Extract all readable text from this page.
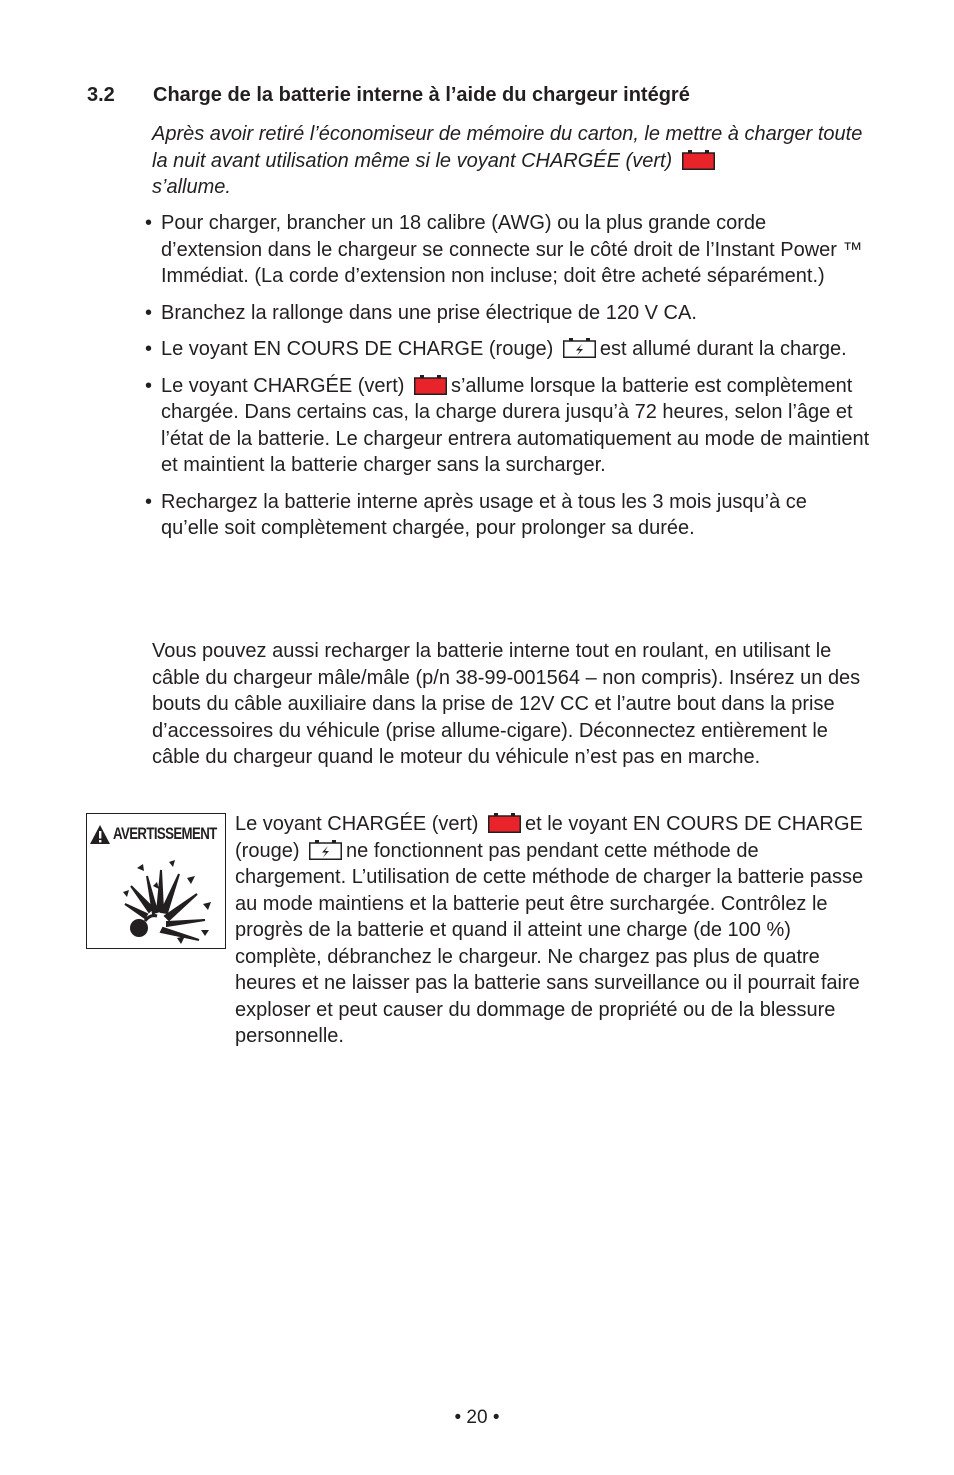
3.2 Charge de la batterie interne à l’aide du chargeur intégré
Après avoir retiré l’économiseur de mémoire du carton, le mettre à charger toute la nuit avant utilisation même si le voyant CHARGÉE (vert)
s’allume.
• Pour charger, brancher un 18 calibre (AWG) ou la plus grande corde d’extension dans le chargeur se connecte sur le côté droit de l’Instant Power ™ Immédiat. (La corde d’extension non incluse; doit être acheté séparément.)
• Branchez la rallonge dans une prise électrique de 120 V CA.
• Le voyant EN COURS DE CHARGE (rouge) est allumé durant la charge.
• Le voyant CHARGÉE (vert) s’allume lorsque la batterie est complètement chargée. Dans certains cas, la charge durera jusqu’à 72 heures, selon l’âge et l’état de la batterie. Le chargeur entrera automatiquement au mode de maintient et maintient la batterie charger sans la surcharger.
• Rechargez la batterie interne après usage et à tous les 3 mois jusqu’à ce qu’elle soit complètement chargée, pour prolonger sa durée.
Vous pouvez aussi recharger la batterie interne tout en roulant, en utilisant le câble du chargeur mâle/mâle (p/n 38-99-001564 – non compris). Insérez un des bouts du câble auxiliaire dans la prise de 12V CC et l’autre bout dans la prise d’accessoires du véhicule (prise allume-cigare). Déconnectez entièrement le câble du chargeur quand le moteur du véhicule n’est pas en marche.
AVERTISSEMENT Le voyant CHARGÉE (vert) et le voyant EN COURS DE CHARGE (rouge) ne fonctionnent pas pendant cette méthode de chargement. L’utilisation de cette méthode de charger la batterie passe au mode maintiens et la batterie peut être surchargée. Contrôlez le progrès de la batterie et quand il atteint une charge (de 100 %) complète, débranchez le chargeur. Ne chargez pas plus de quatre heures et ne laisser pas la batterie sans surveillance ou il pourrait faire exploser et peut causer du dommage de propriété ou de la blessure personnelle.
• 20 •
